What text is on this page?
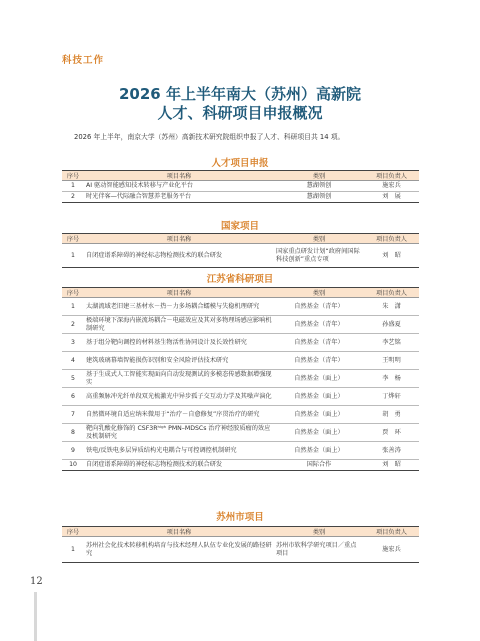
科技工作
2026 年上半年南大（苏州）高新院
人才、科研项目申报概况
2026 年上半年，南京大学（苏州）高新技术研究院组织申报了人才、科研项目共 14 项。
人才项目申报
序号	项目名称	类别	项目负责人
1	AI 驱动智能感知技术转移与产业化平台	慧湖领创	施宏兵
2	时光伴客—代际融合智慧养老服务平台	慧湖领创	刘　展
国家项目
序号	项目名称	类别	项目负责人
1	自闭症谱系障碍的神经标志物检测技术的联合研发	国家重点研发计划“政府间国际科技创新”重点专项	刘　昭
江苏省科研项目
序号	项目名称	类别	项目负责人
1	太湖流域老旧建三基材水－热－力多场耦合蠕模与失稳机理研究	自然基金（青年）	朱　潇
2	极端环境下深海内嵌流场耦合－电磁效应及其对多物理场感应影响机制研究	自然基金（青年）	孙盛夏
3	基于组分靶向调控的材料基生物活性协同设计及长效性研究	自然基金（青年）	李艺铭
4	建筑玻璃幕墙智能损伤识别和安全风险评估技术研究	自然基金（青年）	王明明
5	基于生成式人工智能实现面向自动发现测试的多模态传感数据增强现实	自然基金（面上）	李　杨
6	高重频脉冲光纤单段双光梳激光中异步孤子交互动力学及其噪声演化	自然基金（面上）	丁烨轩
7	自然微环境自适应纳米微用于“治疗－自愈修复”序贯治疗的研究	自然基金（面上）	胡　勇
8	靶向乳酸化修饰的 CSF3Rʰⁱᵍʰ PMN–MDSCs 治疗神经胶质瘤的效应及机制研究	自然基金（面上）	贾　环
9	铁电/反铁电多层异质结构光电耦合与可控调控机制研究	自然基金（面上）	张善涛
10	自闭症谱系障碍的神经标志物检测技术的联合研发	国际合作	刘　昭
苏州市项目
序号	项目名称	类别	项目负责人
1	苏州社会化技术转移机构培育与技术经理人队伍专业化发展的路径研究	苏州市软科学研究项目／重点项目	施宏兵
12
